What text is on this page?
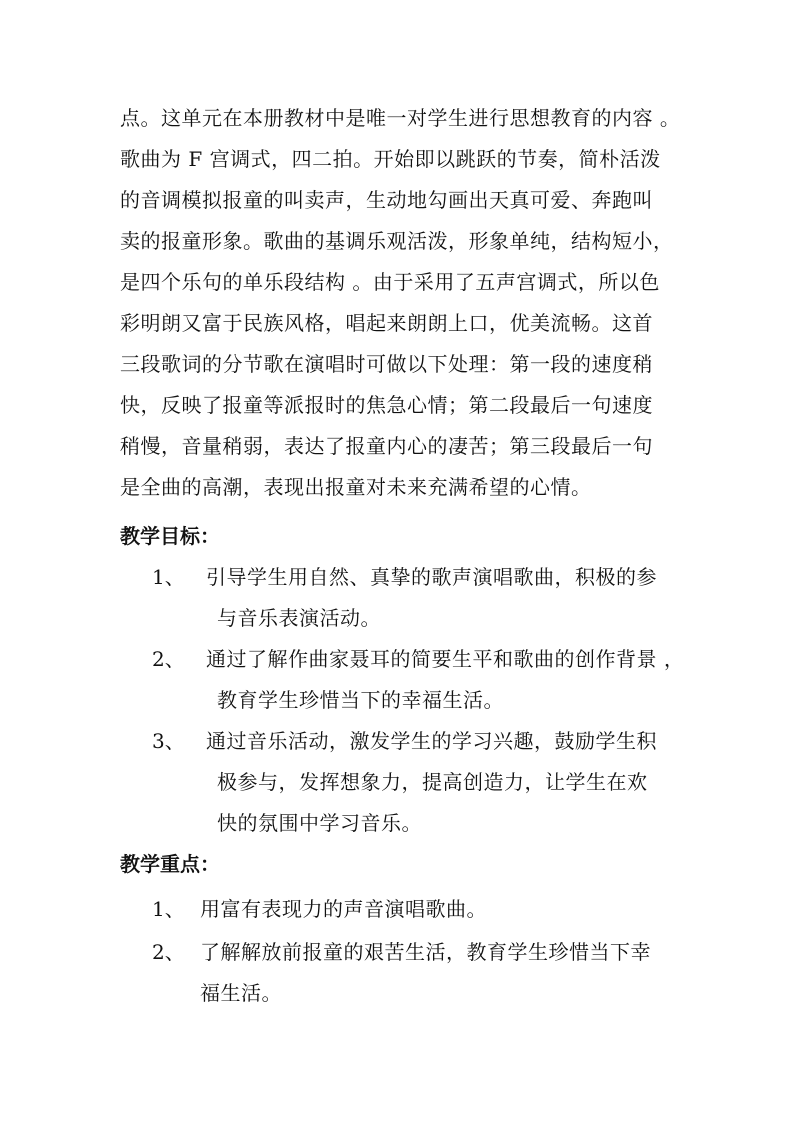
点。这单元在本册教材中是唯一对学生进行思想教育的内容 。
歌曲为 F 宫调式，四二拍。开始即以跳跃的节奏，简朴活泼
的音调模拟报童的叫卖声，生动地勾画出天真可爱、奔跑叫
卖的报童形象。歌曲的基调乐观活泼，形象单纯，结构短小，
是四个乐句的单乐段结构 。由于采用了五声宫调式，所以色
彩明朗又富于民族风格，唱起来朗朗上口，优美流畅。这首
三段歌词的分节歌在演唱时可做以下处理：第一段的速度稍
快，反映了报童等派报时的焦急心情；第二段最后一句速度
稍慢，音量稍弱，表达了报童内心的凄苦；第三段最后一句
是全曲的高潮，表现出报童对未来充满希望的心情。
教学目标：
1、	引导学生用自然、真挚的歌声演唱歌曲，积极的参
与音乐表演活动。
2、	通过了解作曲家聂耳的简要生平和歌曲的创作背景 ，
教育学生珍惜当下的幸福生活。
3、	通过音乐活动，激发学生的学习兴趣，鼓励学生积
极参与，发挥想象力，提高创造力，让学生在欢
快的氛围中学习音乐。
教学重点：
1、 用富有表现力的声音演唱歌曲。
2、 了解解放前报童的艰苦生活，教育学生珍惜当下幸
福生活。
